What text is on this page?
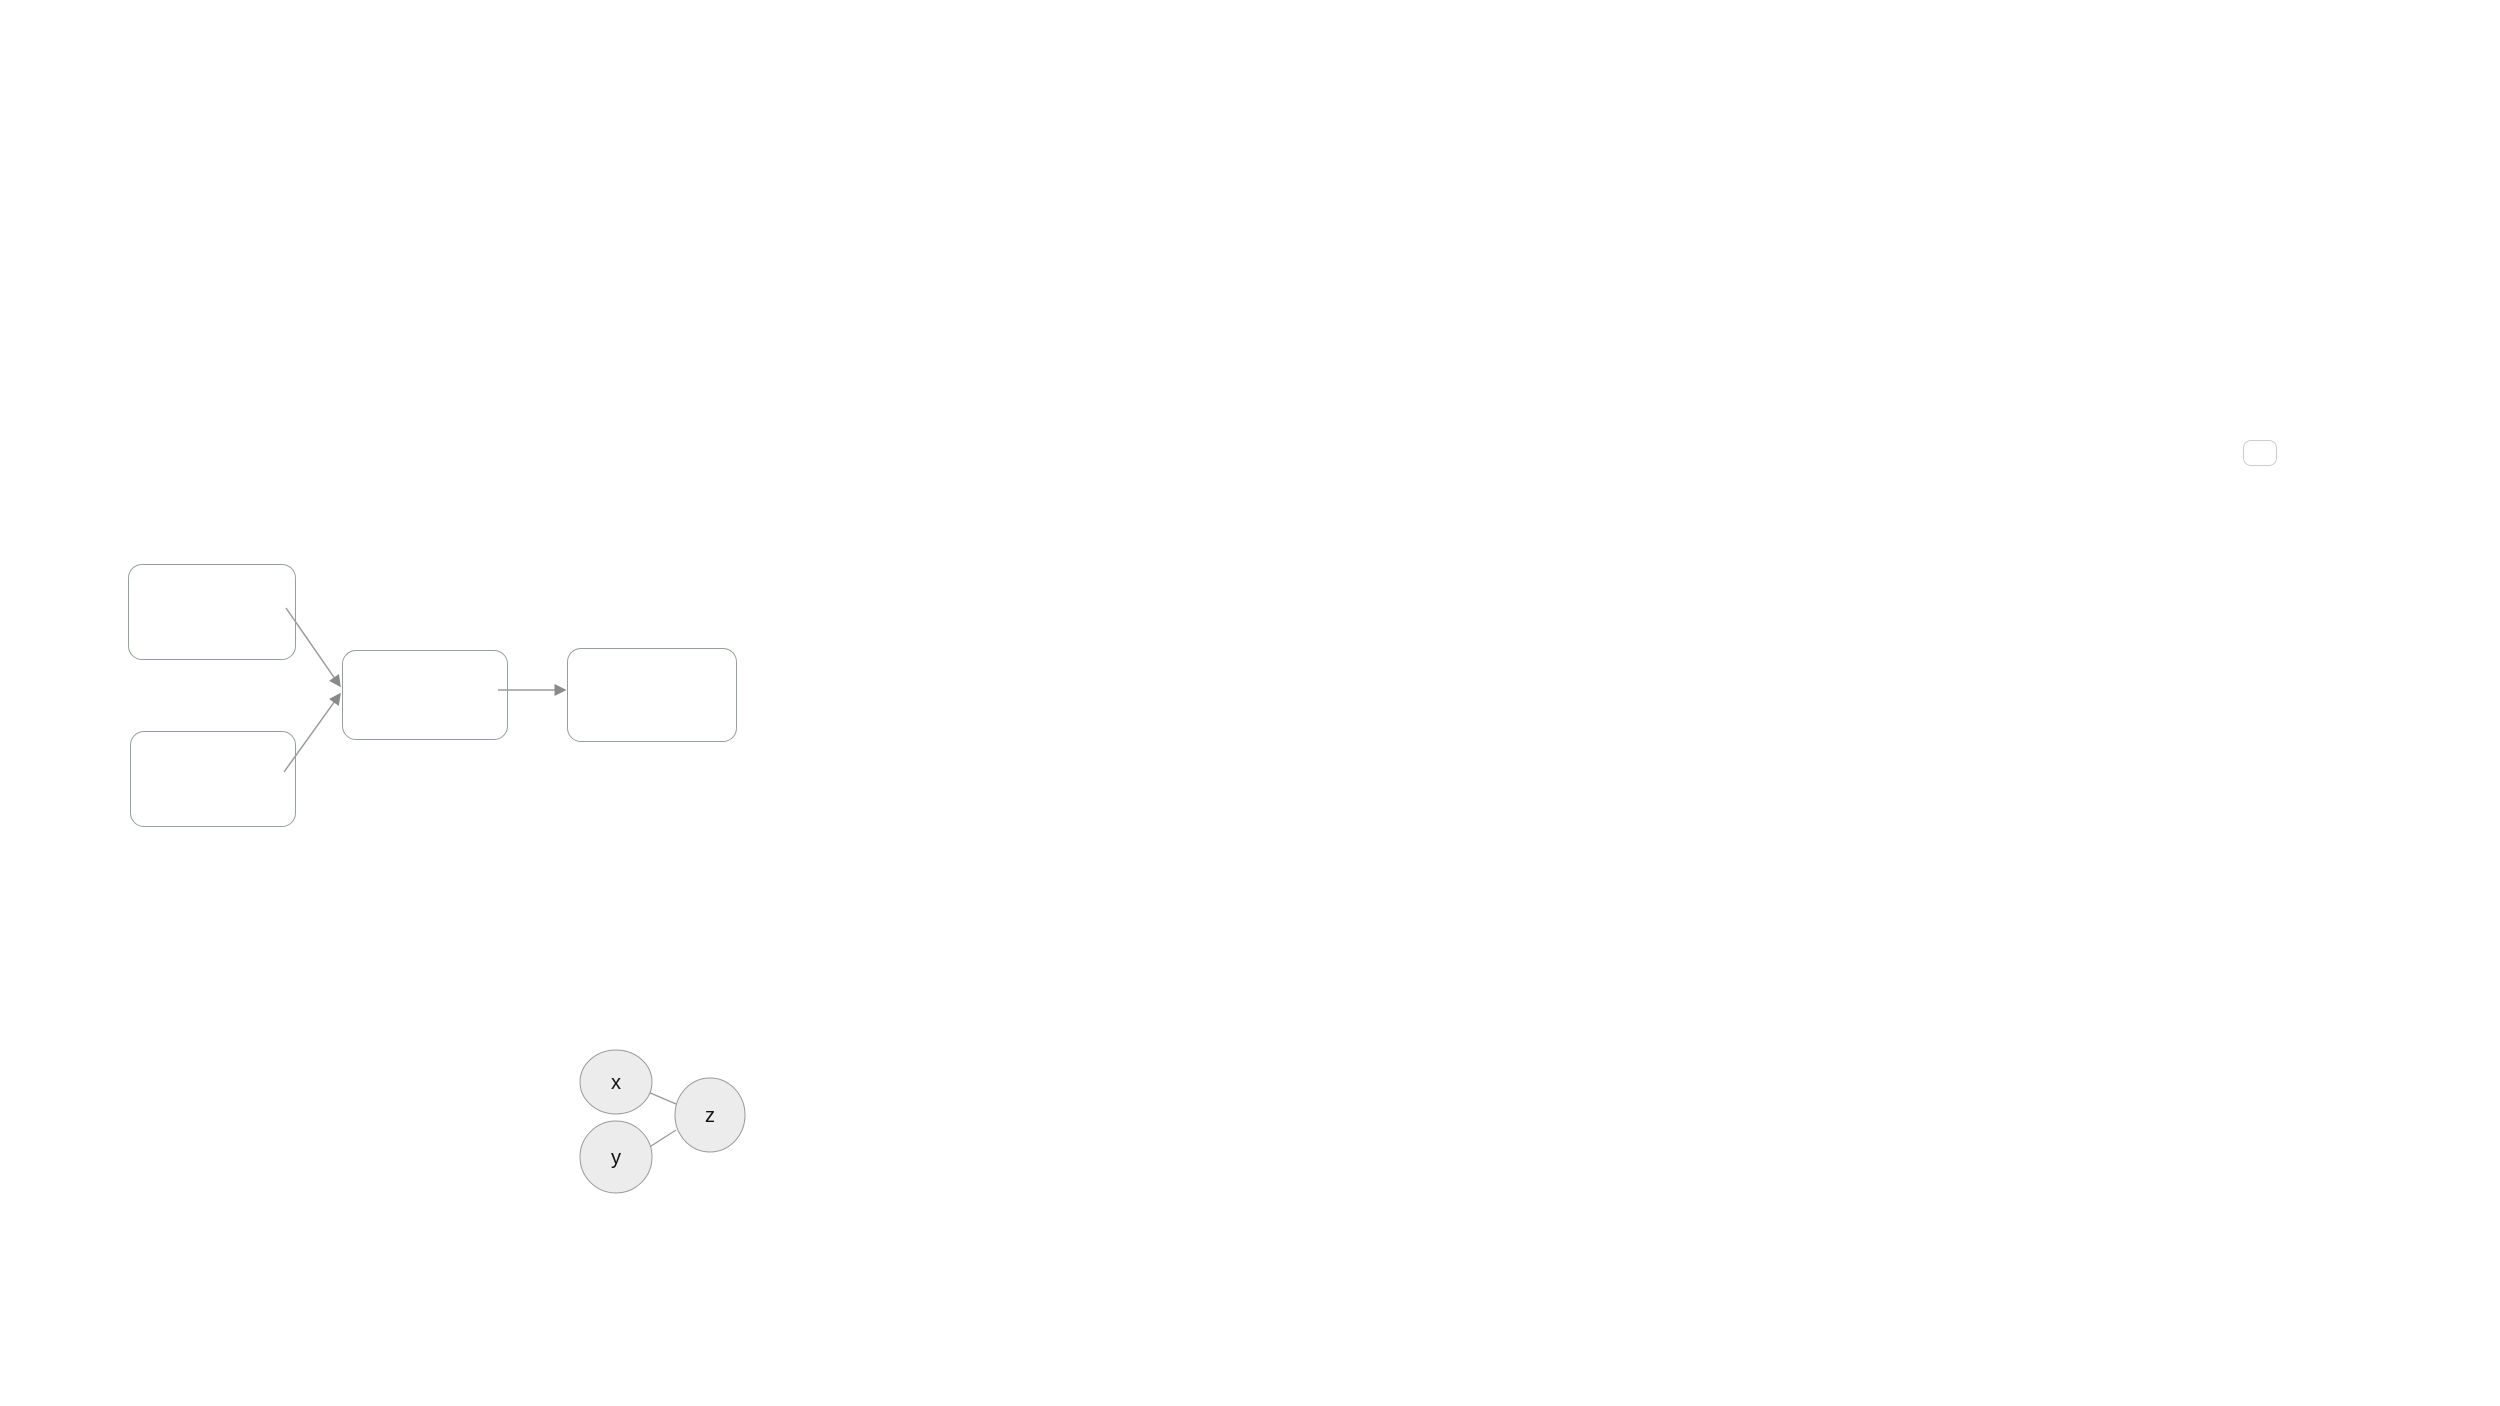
x
z
y
